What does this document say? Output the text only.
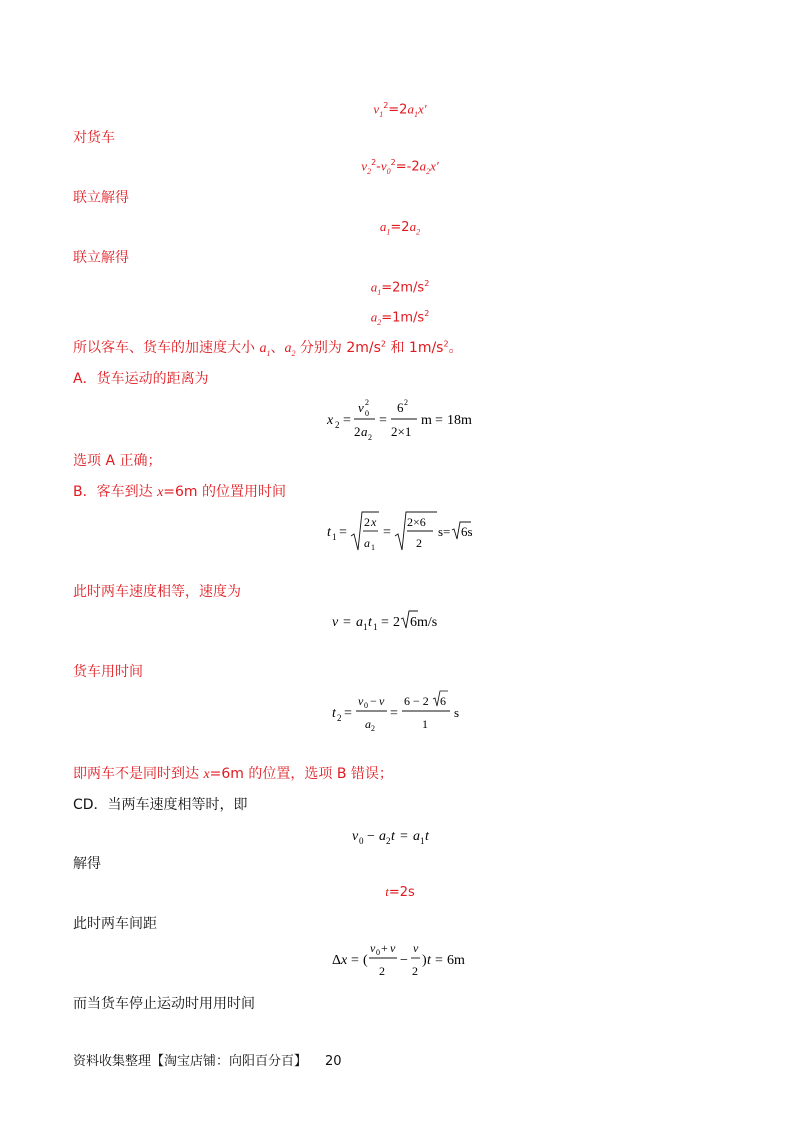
$v_1^2=2a_1x'$
对货车
$v_2^2-v_0^2=-2a_2x'$
联立解得
$a_1=2a_2$
联立解得
$a_1=2m/s^2$
$a_2=1m/s^2$
所以客车、货车的加速度大小 $a_1$、$a_2$ 分别为 $2m/s^2$ 和 $1m/s^2$。
A．货车运动的距离为
x 2 =
v 0
2
2 a 2
=
6 2
2×1
m = 18m
选项 A 正确；
B．客车到达 x=6m 的位置用时间
t 1 =
2 x
a 1
=
2×6
2
s= 6s
此时两车速度相等，速度为
v = a 1 t 1 = 2 6m/s
货车用时间
t 2 =
v 0 − v
a 2
=
6 − 2 6
1
s
即两车不是同时到达 x=6m 的位置，选项 B 错误；
CD．当两车速度相等时，即
v 0 − a 2 t = a 1 t
解得
t=2s
此时两车间距
Δ x = (
v 0 + v
2
−
v
2
) t = 6m
而当货车停止运动时用用时间
资料收集整理【淘宝店铺：向阳百分百】 20
